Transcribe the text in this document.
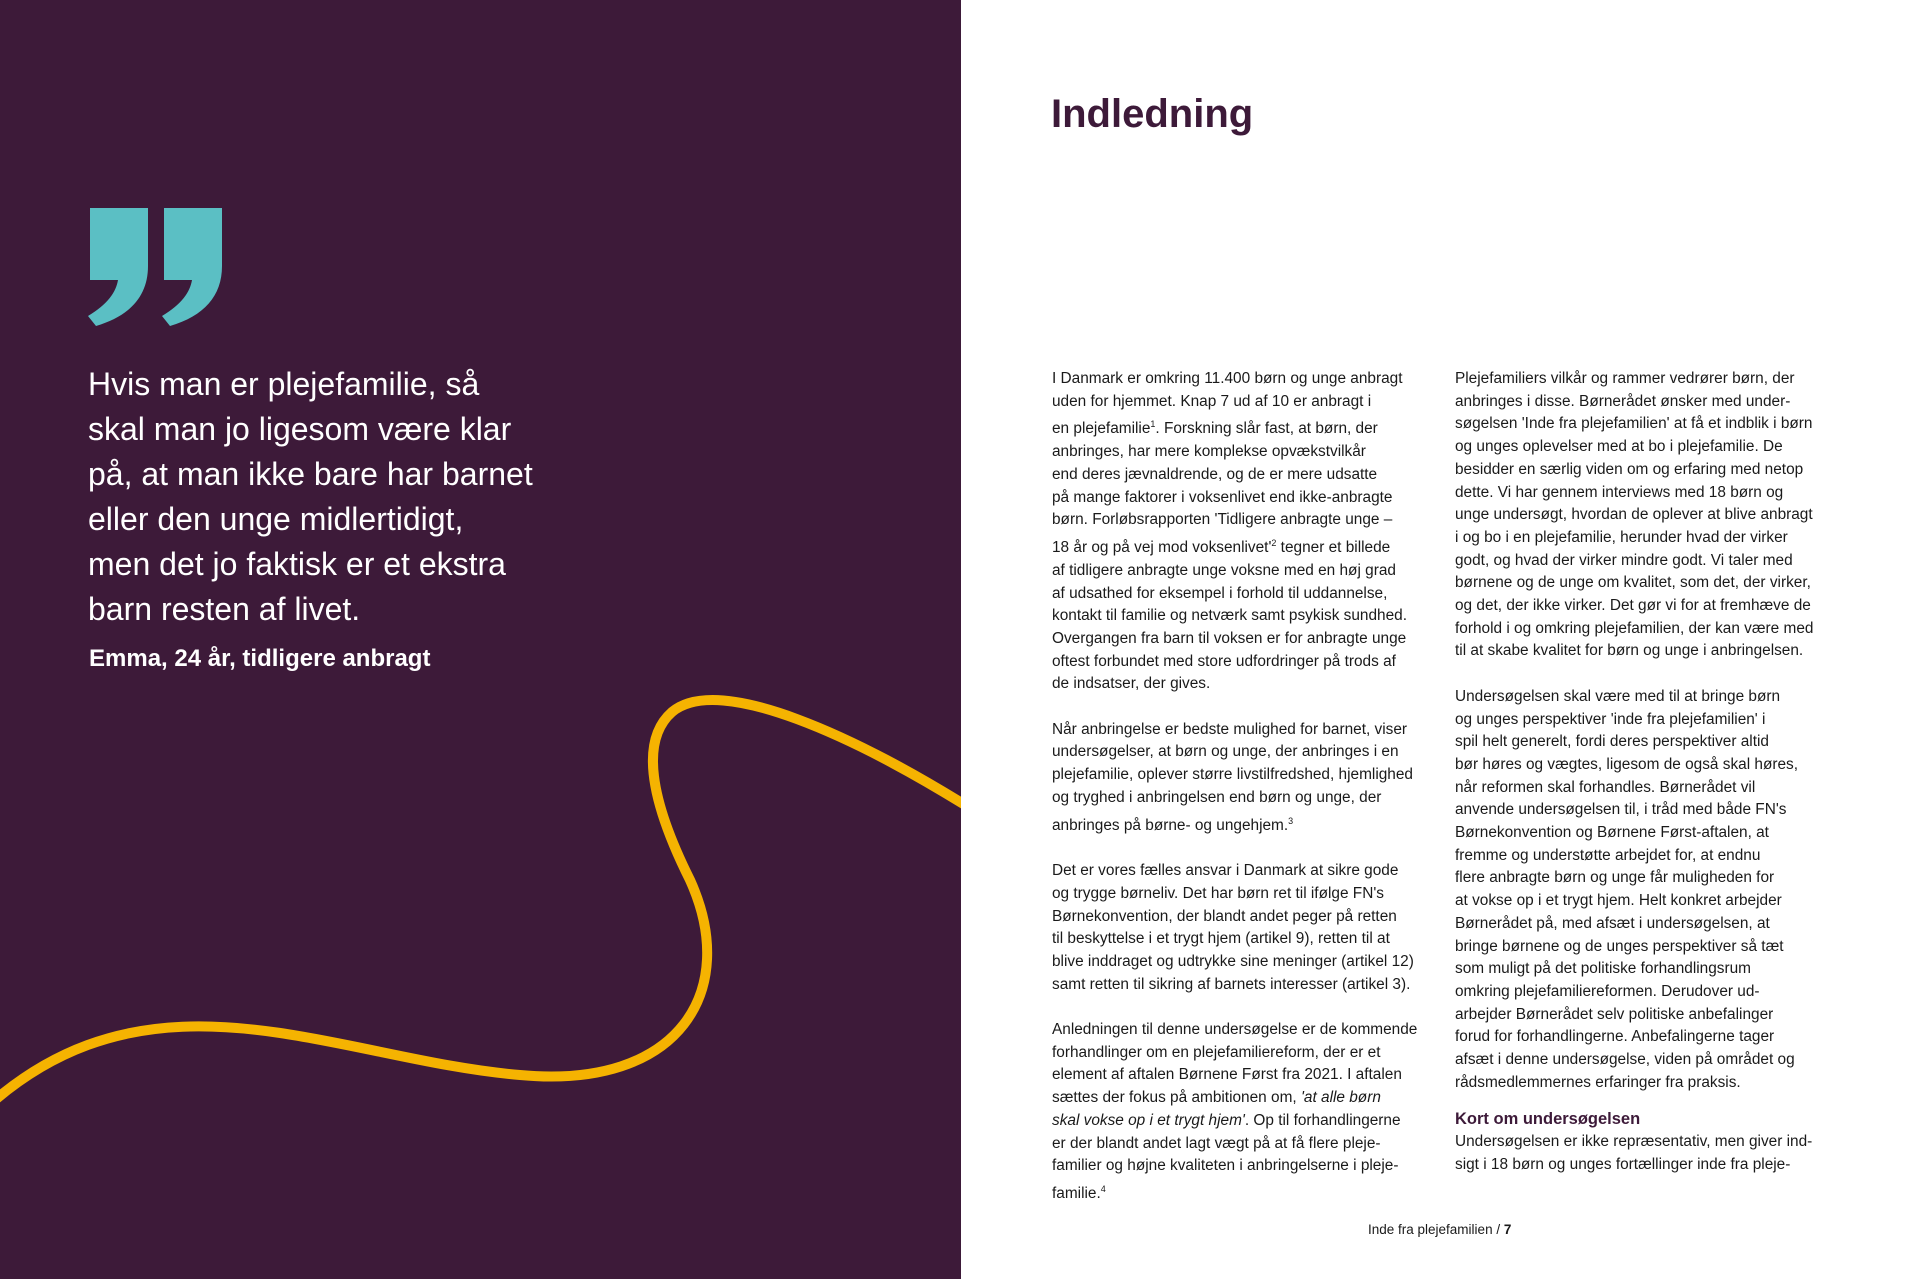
Hvis man er plejefamilie, så
skal man jo ligesom være klar
på, at man ikke bare har barnet
eller den unge midlertidigt,
men det jo faktisk er et ekstra
barn resten af livet.

Emma, 24 år, tidligere anbragt

Indledning

I Danmark er omkring 11.400 børn og unge anbragt
uden for hjemmet. Knap 7 ud af 10 er anbragt i
en plejefamilie$^1$. Forskning slår fast, at børn, der
anbringes, har mere komplekse opvækstvilkår
end deres jævnaldrende, og de er mere udsatte
på mange faktorer i voksenlivet end ikke-anbragte
børn. Forløbsrapporten 'Tidligere anbragte unge –
18 år og på vej mod $voksenlivet'^2$ tegner et billede
af tidligere anbragte unge voksne med en høj grad
af udsathed for eksempel i forhold til uddannelse,
kontakt til familie og netværk samt psykisk sundhed.
Overgangen fra barn til voksen er for anbragte unge
oftest forbundet med store udfordringer på trods af
de indsatser, der gives.

Når anbringelse er bedste mulighed for barnet, viser
undersøgelser, at børn og unge, der anbringes i en
plejefamilie, oplever større livstilfredshed, hjemlighed
og tryghed i anbringelsen end børn og unge, der
anbringes på børne- og ungehjem.$^3$

Det er vores fælles ansvar i Danmark at sikre gode
og trygge børneliv. Det har børn ret til ifølge FN's
Børnekonvention, der blandt andet peger på retten
til beskyttelse i et trygt hjem (artikel 9), retten til at
blive inddraget og udtrykke sine meninger (artikel 12)
samt retten til sikring af barnets interesser (artikel 3).

Anledningen til denne undersøgelse er de kommende
forhandlinger om en plejefamiliereform, der er et
element af aftalen Børnene Først fra 2021. I aftalen
sættes der fokus på ambitionen om, 'at alle børn
skal vokse op i et trygt hjem'. Op til forhandlingerne
er der blandt andet lagt vægt på at få flere pleje-
familier og højne kvaliteten i anbringelserne i pleje-
familie.$^4$

Plejefamiliers vilkår og rammer vedrører børn, der
anbringes i disse. Børnerådet ønsker med under-
søgelsen 'Inde fra plejefamilien' at få et indblik i børn
og unges oplevelser med at bo i plejefamilie. De
besidder en særlig viden om og erfaring med netop
dette. Vi har gennem interviews med 18 børn og
unge undersøgt, hvordan de oplever at blive anbragt
i og bo i en plejefamilie, herunder hvad der virker
godt, og hvad der virker mindre godt. Vi taler med
børnene og de unge om kvalitet, som det, der virker,
og det, der ikke virker. Det gør vi for at fremhæve de
forhold i og omkring plejefamilien, der kan være med
til at skabe kvalitet for børn og unge i anbringelsen.

Undersøgelsen skal være med til at bringe børn
og unges perspektiver 'inde fra plejefamilien' i
spil helt generelt, fordi deres perspektiver altid
bør høres og vægtes, ligesom de også skal høres,
når reformen skal forhandles. Børnerådet vil
anvende undersøgelsen til, i tråd med både FN's
Børnekonvention og Børnene Først-aftalen, at
fremme og understøtte arbejdet for, at endnu
flere anbragte børn og unge får muligheden for
at vokse op i et trygt hjem. Helt konkret arbejder
Børnerådet på, med afsæt i undersøgelsen, at
bringe børnene og de unges perspektiver så tæt
som muligt på det politiske forhandlingsrum
omkring plejefamiliereformen. Derudover ud-
arbejder Børnerådet selv politiske anbefalinger
forud for forhandlingerne. Anbefalingerne tager
afsæt i denne undersøgelse, viden på området og
rådsmedlemmernes erfaringer fra praksis.

Kort om undersøgelsen

Undersøgelsen er ikke repræsentativ, men giver ind-
sigt i 18 børn og unges fortællinger inde fra pleje-

Inde fra plejefamilien / 7
